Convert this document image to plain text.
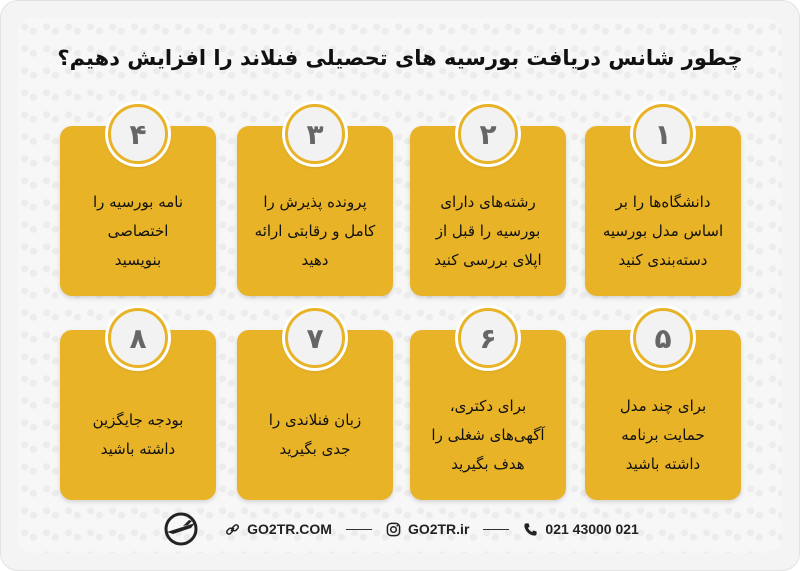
چطور شانس دریافت بورسیه های تحصیلی فنلاند را افزایش دهیم؟
۱
دانشگاه‌ها را بر
اساس مدل بورسیه
دسته‌بندی کنید
۲
رشته‌های دارای
بورسیه را قبل از
اپلای بررسی کنید
۳
پرونده پذیرش را
کامل و رقابتی ارائه
دهید
۴
نامه بورسیه را
اختصاصی
بنویسید
۵
برای چند مدل
حمایت برنامه
داشته باشید
۶
برای دکتری،
آگهی‌های شغلی را
هدف بگیرید
۷
زبان فنلاندی را
جدی بگیرید
۸
بودجه جایگزین
داشته باشید
GO2TR.COM	GO2TR.ir	021 43000 021
